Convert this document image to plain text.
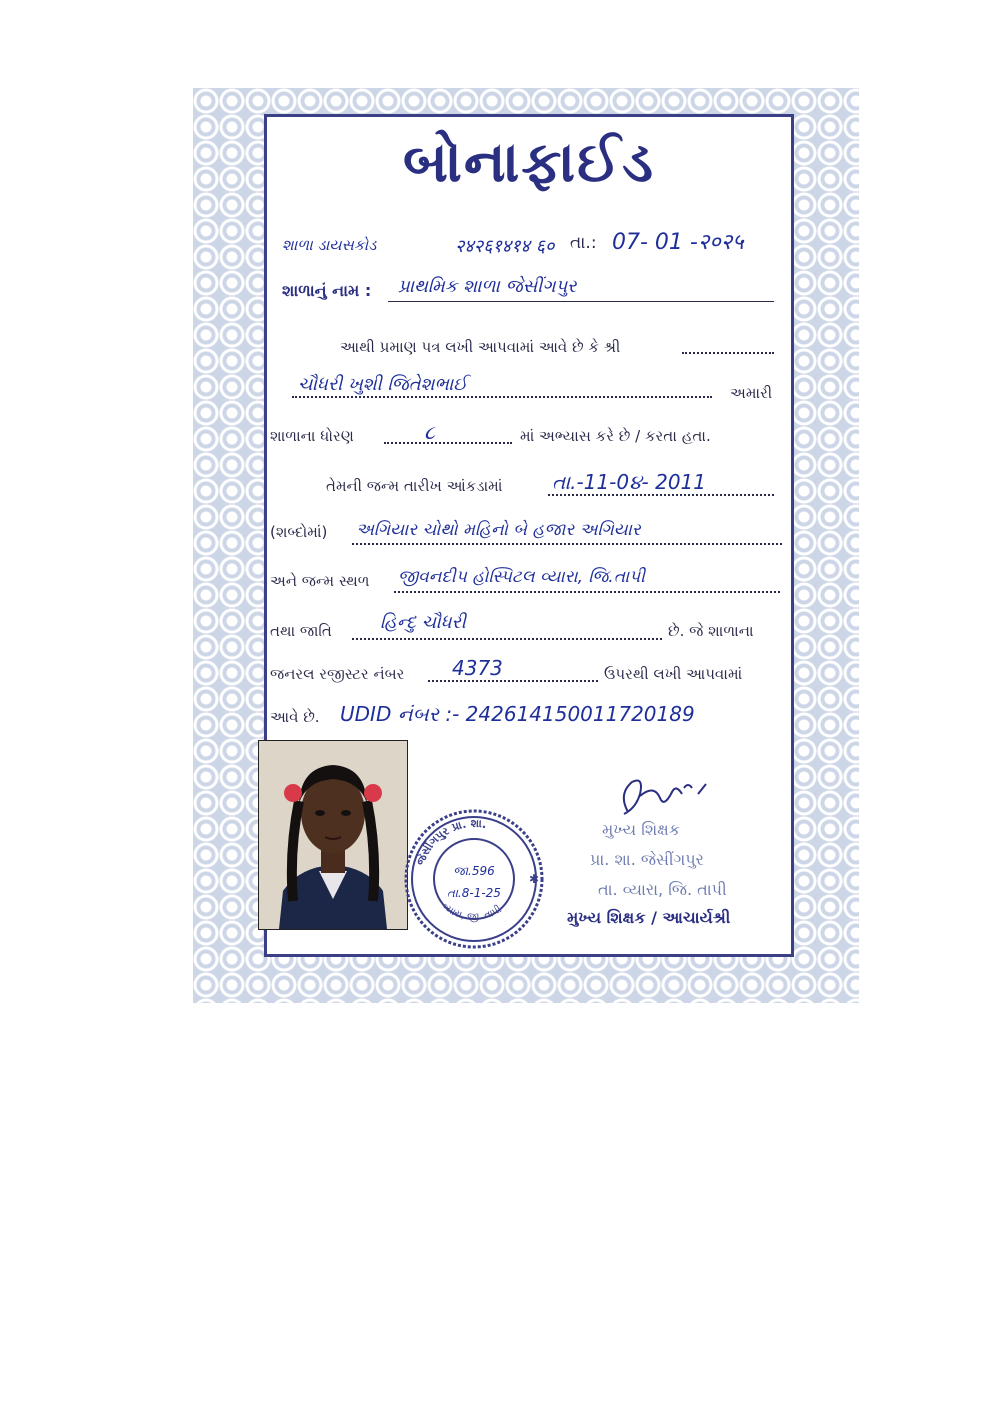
બોનાફાઈડ
તા.: 07- 01 -२०२५
શાળા ડાયસકોડ	२४२६१४१४ ६०
શાળાનું નામ : પ્રાથમિક શાળા જેસીંગપુર
આથી પ્રમાણ પત્ર લખી આપવામાં આવે છે કે શ્રી
ચૌધરી ખુશી જિતેશભાઈ	અમારી
શાળાના ધોરણ	૮	માં અભ્યાસ કરે છે / કરતા હતા.
તેમની જન્મ તારીખ આંકડામાં તા.-11-0૪- 2011
(શબ્દોમાં) અગિયાર ચોથો મહિનો બે હજાર અગિયાર
અને જન્મ સ્થળ જીવનદીપ હોસ્પિટલ વ્યારા, જિ.તાપી
તથા જાતિ	હિન્દુ ચૌધરી	છે. જે શાળાના
જનરલ રજીસ્ટર નંબર 4373	ઉપરથી લખી આપવામાં
આવે છે. UDID નંબર :- 242614150011720189
જેસીંગપુર પ્રા. શા.
વ્યારા, જી. તાપી
જા.596
તા.8-1-25
✱
મુખ્ય શિક્ષક
પ્રા. શા. જેસીંગપુર
તા. વ્યારા, જિ. તાપી
મુખ્ય શિક્ષક / આચાર્યશ્રી
